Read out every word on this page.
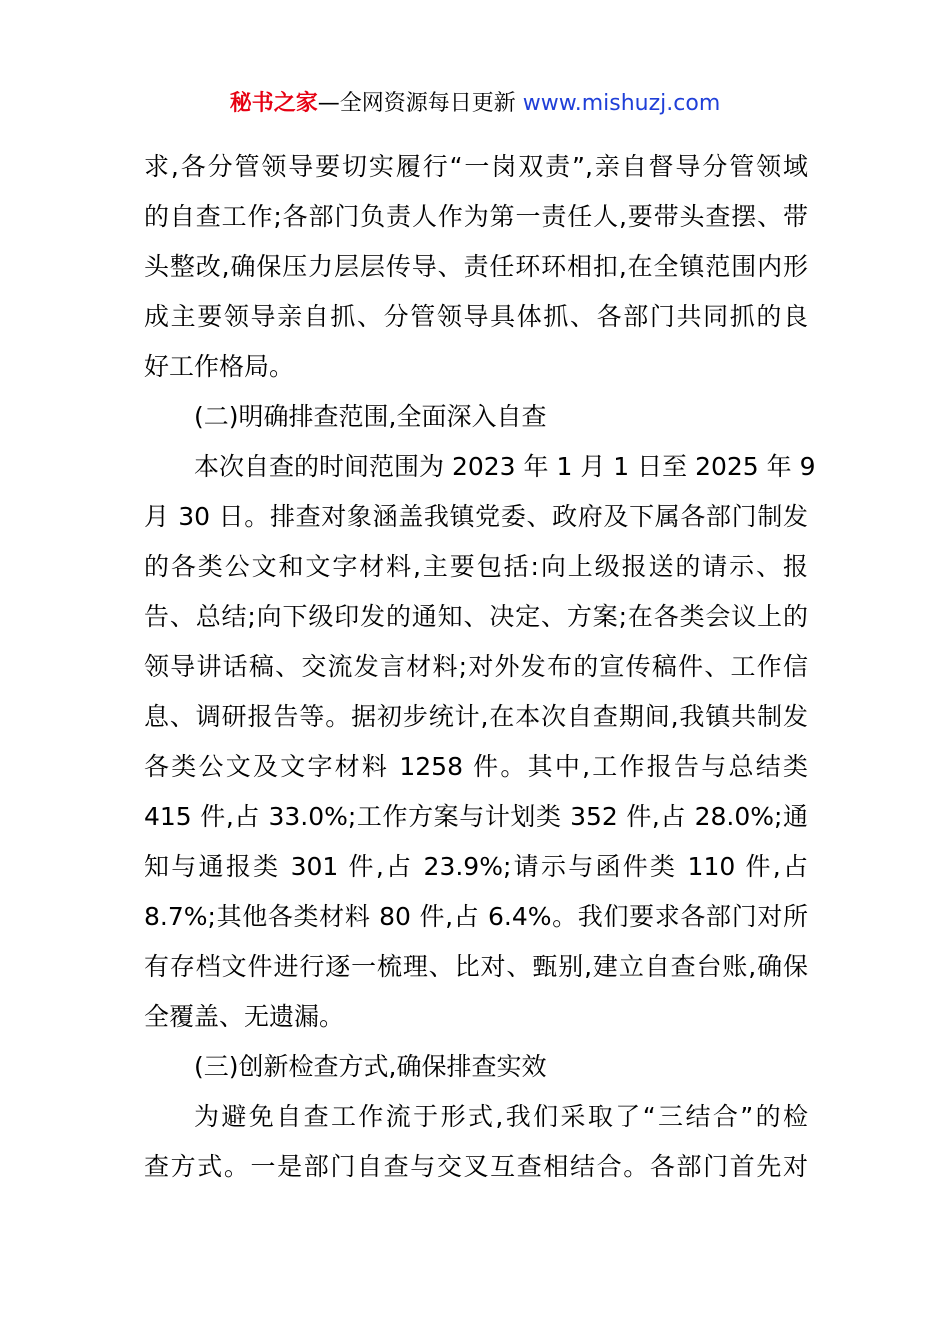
秘书之家—全网资源每日更新 www.mishuzj.com
求,各分管领导要切实履行“一岗双责”,亲自督导分管领域
的自查工作;各部门负责人作为第一责任人,要带头查摆、带
头整改,确保压力层层传导、责任环环相扣,在全镇范围内形
成主要领导亲自抓、分管领导具体抓、各部门共同抓的良
好工作格局。
(二)明确排查范围,全面深入自查
本次自查的时间范围为 2023 年 1 月 1 日至 2025 年 9
月 30 日。排查对象涵盖我镇党委、政府及下属各部门制发
的各类公文和文字材料,主要包括:向上级报送的请示、报
告、总结;向下级印发的通知、决定、方案;在各类会议上的
领导讲话稿、交流发言材料;对外发布的宣传稿件、工作信
息、调研报告等。据初步统计,在本次自查期间,我镇共制发
各类公文及文字材料 1258 件。其中,工作报告与总结类
415 件,占 33.0%;工作方案与计划类 352 件,占 28.0%;通
知与通报类 301 件,占 23.9%;请示与函件类 110 件,占
8.7%;其他各类材料 80 件,占 6.4%。我们要求各部门对所
有存档文件进行逐一梳理、比对、甄别,建立自查台账,确保
全覆盖、无遗漏。
(三)创新检查方式,确保排查实效
为避免自查工作流于形式,我们采取了“三结合”的检
查方式。一是部门自查与交叉互查相结合。各部门首先对
